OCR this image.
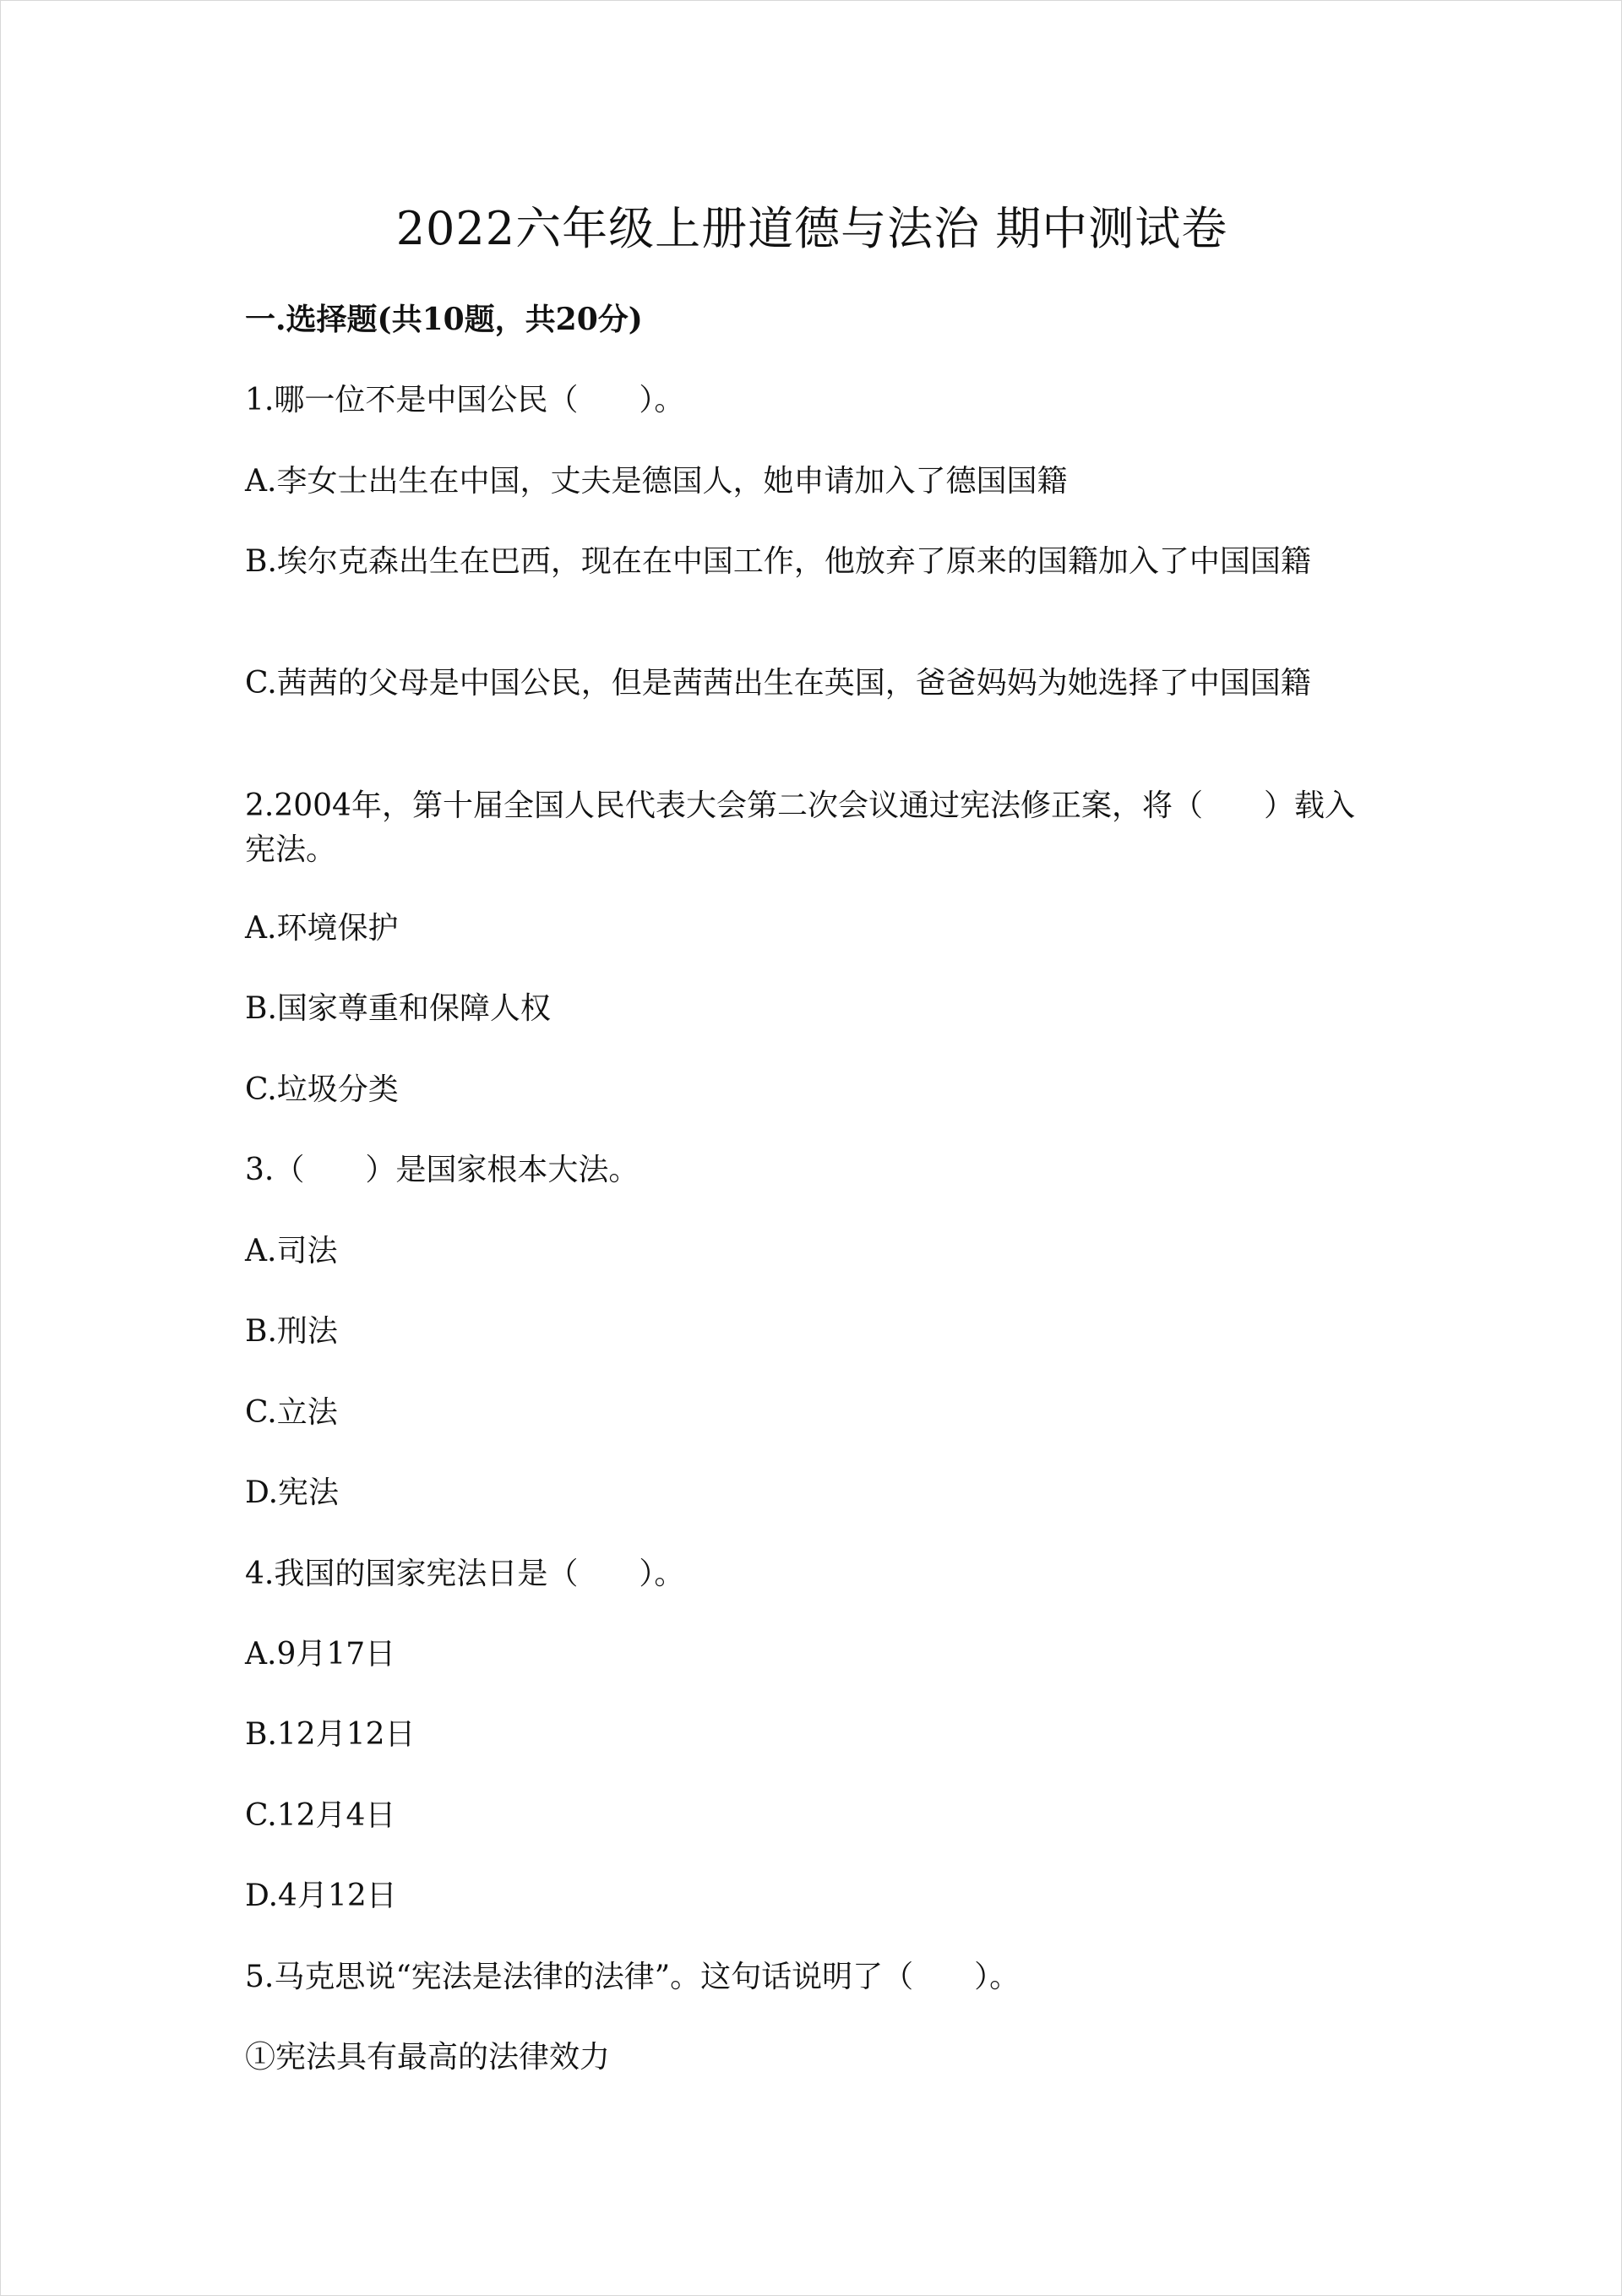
2022六年级上册道德与法治 期中测试卷
一.选择题(共10题，共20分)
1.哪一位不是中国公民（　　）。
A.李女士出生在中国，丈夫是德国人，她申请加入了德国国籍
B.埃尔克森出生在巴西，现在在中国工作，他放弃了原来的国籍加入了中国国籍
C.茜茜的父母是中国公民，但是茜茜出生在英国，爸爸妈妈为她选择了中国国籍
2.2004年，第十届全国人民代表大会第二次会议通过宪法修正案，将（　　）载入宪法。
A.环境保护
B.国家尊重和保障人权
C.垃圾分类
3.（　　）是国家根本大法。
A.司法
B.刑法
C.立法
D.宪法
4.我国的国家宪法日是（　　）。
A.9月17日
B.12月12日
C.12月4日
D.4月12日
5.马克思说“宪法是法律的法律”。这句话说明了（　　）。
①宪法具有最高的法律效力
